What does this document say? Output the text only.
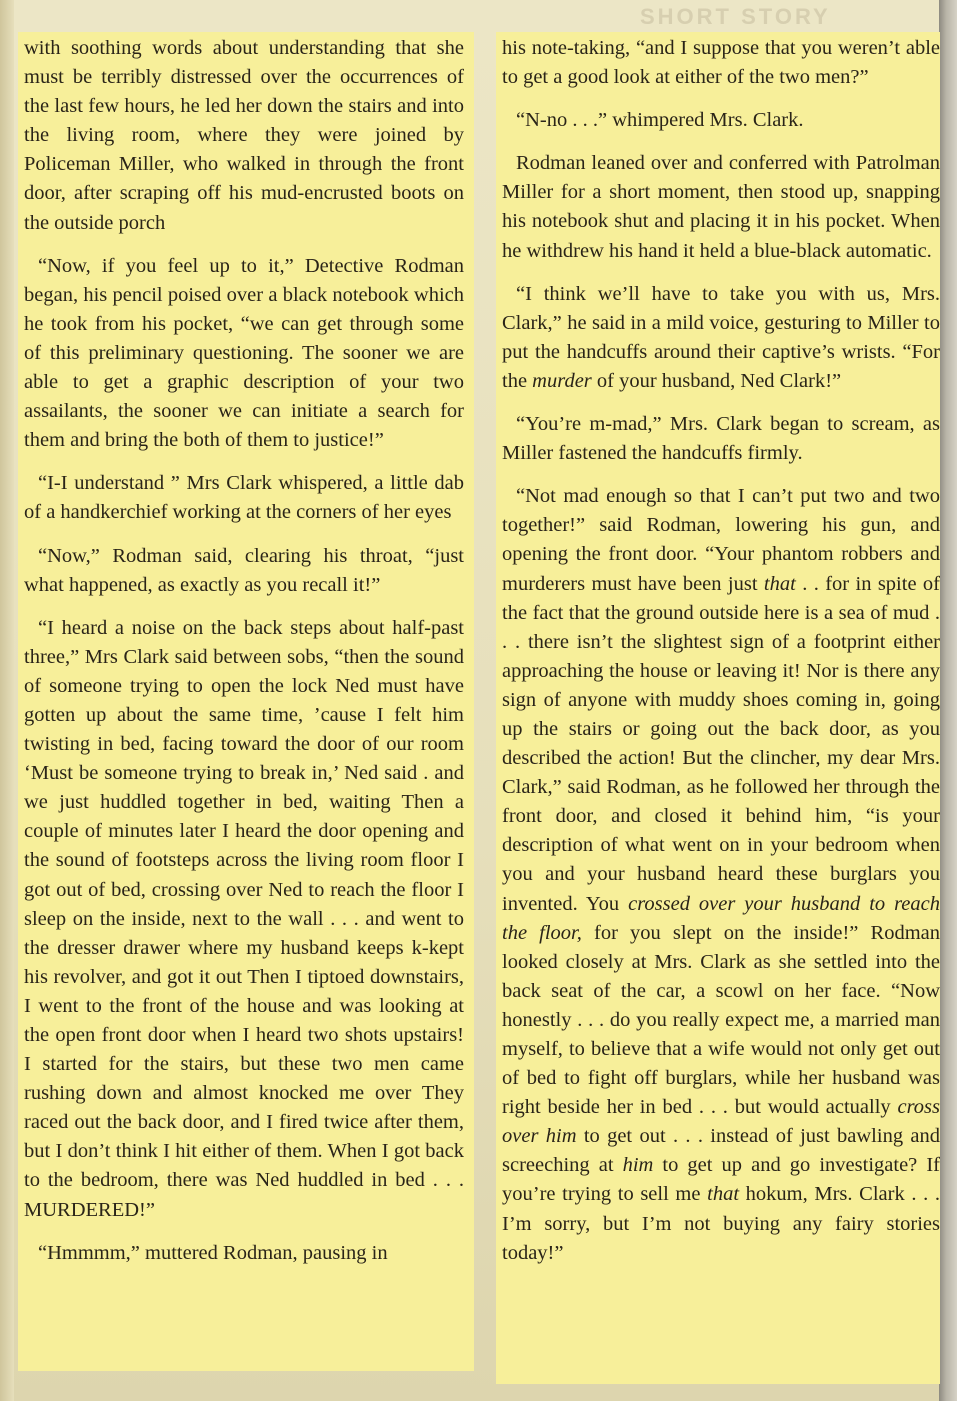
SHORT STORY

with soothing words about understanding that she must be terribly distressed over the occurrences of the last few hours, he led her down the stairs and into the living room, where they were joined by Policeman Miller, who walked in through the front door, after scraping off his mud-encrusted boots on the outside porch

“Now, if you feel up to it,” Detective Rodman began, his pencil poised over a black notebook which he took from his pocket, “we can get through some of this preliminary questioning. The sooner we are able to get a graphic description of your two assailants, the sooner we can initiate a search for them and bring the both of them to justice!”

“I-I understand ” Mrs Clark whispered, a little dab of a handkerchief working at the corners of her eyes

“Now,” Rodman said, clearing his throat, “just what happened, as exactly as you recall it!”

“I heard a noise on the back steps about half-past three,” Mrs Clark said between sobs, “then the sound of someone trying to open the lock Ned must have gotten up about the same time, ’cause I felt him twisting in bed, facing toward the door of our room ‘Must be someone trying to break in,’ Ned said . and we just huddled together in bed, waiting Then a couple of minutes later I heard the door opening and the sound of footsteps across the living room floor I got out of bed, crossing over Ned to reach the floor I sleep on the inside, next to the wall . . . and went to the dresser drawer where my husband keeps k-kept his revolver, and got it out Then I tiptoed downstairs, I went to the front of the house and was looking at the open front door when I heard two shots upstairs! I started for the stairs, but these two men came rushing down and almost knocked me over They raced out the back door, and I fired twice after them, but I don’t think I hit either of them. When I got back to the bedroom, there was Ned huddled in bed . . . MURDERED!”

“Hmmmm,” muttered Rodman, pausing in

his note-taking, “and I suppose that you weren’t able to get a good look at either of the two men?”

“N-no . . .” whimpered Mrs. Clark.

Rodman leaned over and conferred with Patrolman Miller for a short moment, then stood up, snapping his notebook shut and placing it in his pocket. When he withdrew his hand it held a blue-black automatic.

“I think we’ll have to take you with us, Mrs. Clark,” he said in a mild voice, gesturing to Miller to put the handcuffs around their captive’s wrists. “For the murder of your husband, Ned Clark!”

“You’re m-mad,” Mrs. Clark began to scream, as Miller fastened the handcuffs firmly.

“Not mad enough so that I can’t put two and two together!” said Rodman, lowering his gun, and opening the front door. “Your phantom robbers and murderers must have been just that . . for in spite of the fact that the ground outside here is a sea of mud . . . there isn’t the slightest sign of a footprint either approaching the house or leaving it! Nor is there any sign of anyone with muddy shoes coming in, going up the stairs or going out the back door, as you described the action! But the clincher, my dear Mrs. Clark,” said Rodman, as he followed her through the front door, and closed it behind him, “is your description of what went on in your bedroom when you and your husband heard these burglars you invented. You crossed over your husband to reach the floor, for you slept on the inside!” Rodman looked closely at Mrs. Clark as she settled into the back seat of the car, a scowl on her face. “Now honestly . . . do you really expect me, a married man myself, to believe that a wife would not only get out of bed to fight off burglars, while her husband was right beside her in bed . . . but would actually cross over him to get out . . . instead of just bawling and screeching at him to get up and go investigate? If you’re trying to sell me that hokum, Mrs. Clark . . . I’m sorry, but I’m not buying any fairy stories today!”
